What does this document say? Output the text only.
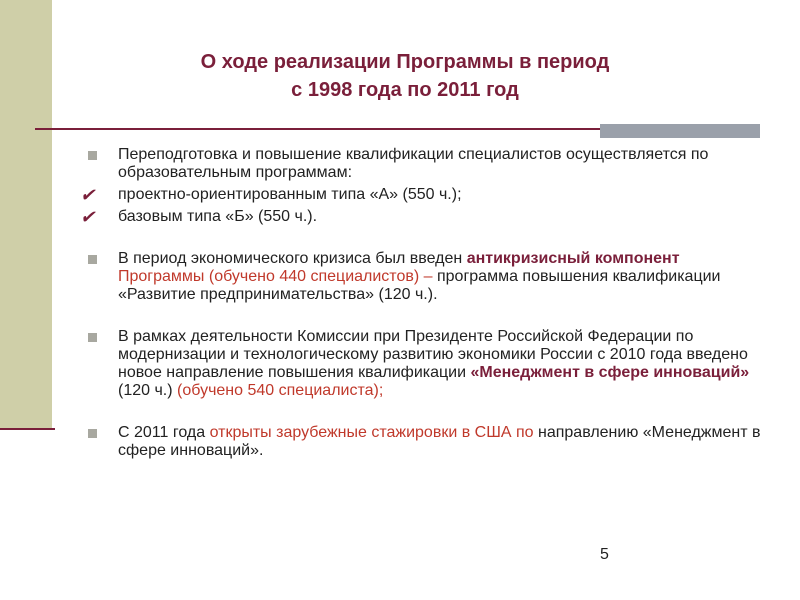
О ходе реализации Программы в период
с 1998 года по 2011 год

Переподготовка и повышение квалификации специалистов осуществляется по образовательным программам:

✔ проектно-ориентированным типа «А» (550 ч.);

✔ базовым типа «Б» (550 ч.).

В период экономического кризиса был введен антикризисный компонент Программы (обучено 440 специалистов) – программа повышения квалификации «Развитие предпринимательства» (120 ч.).

В рамках деятельности Комиссии при Президенте Российской Федерации по модернизации и технологическому развитию экономики России с 2010 года введено новое направление повышения квалификации «Менеджмент в сфере инноваций» (120 ч.) (обучено 540 специалиста);

С 2011 года открыты зарубежные стажировки в США по направлению «Менеджмент в сфере инноваций».

5
